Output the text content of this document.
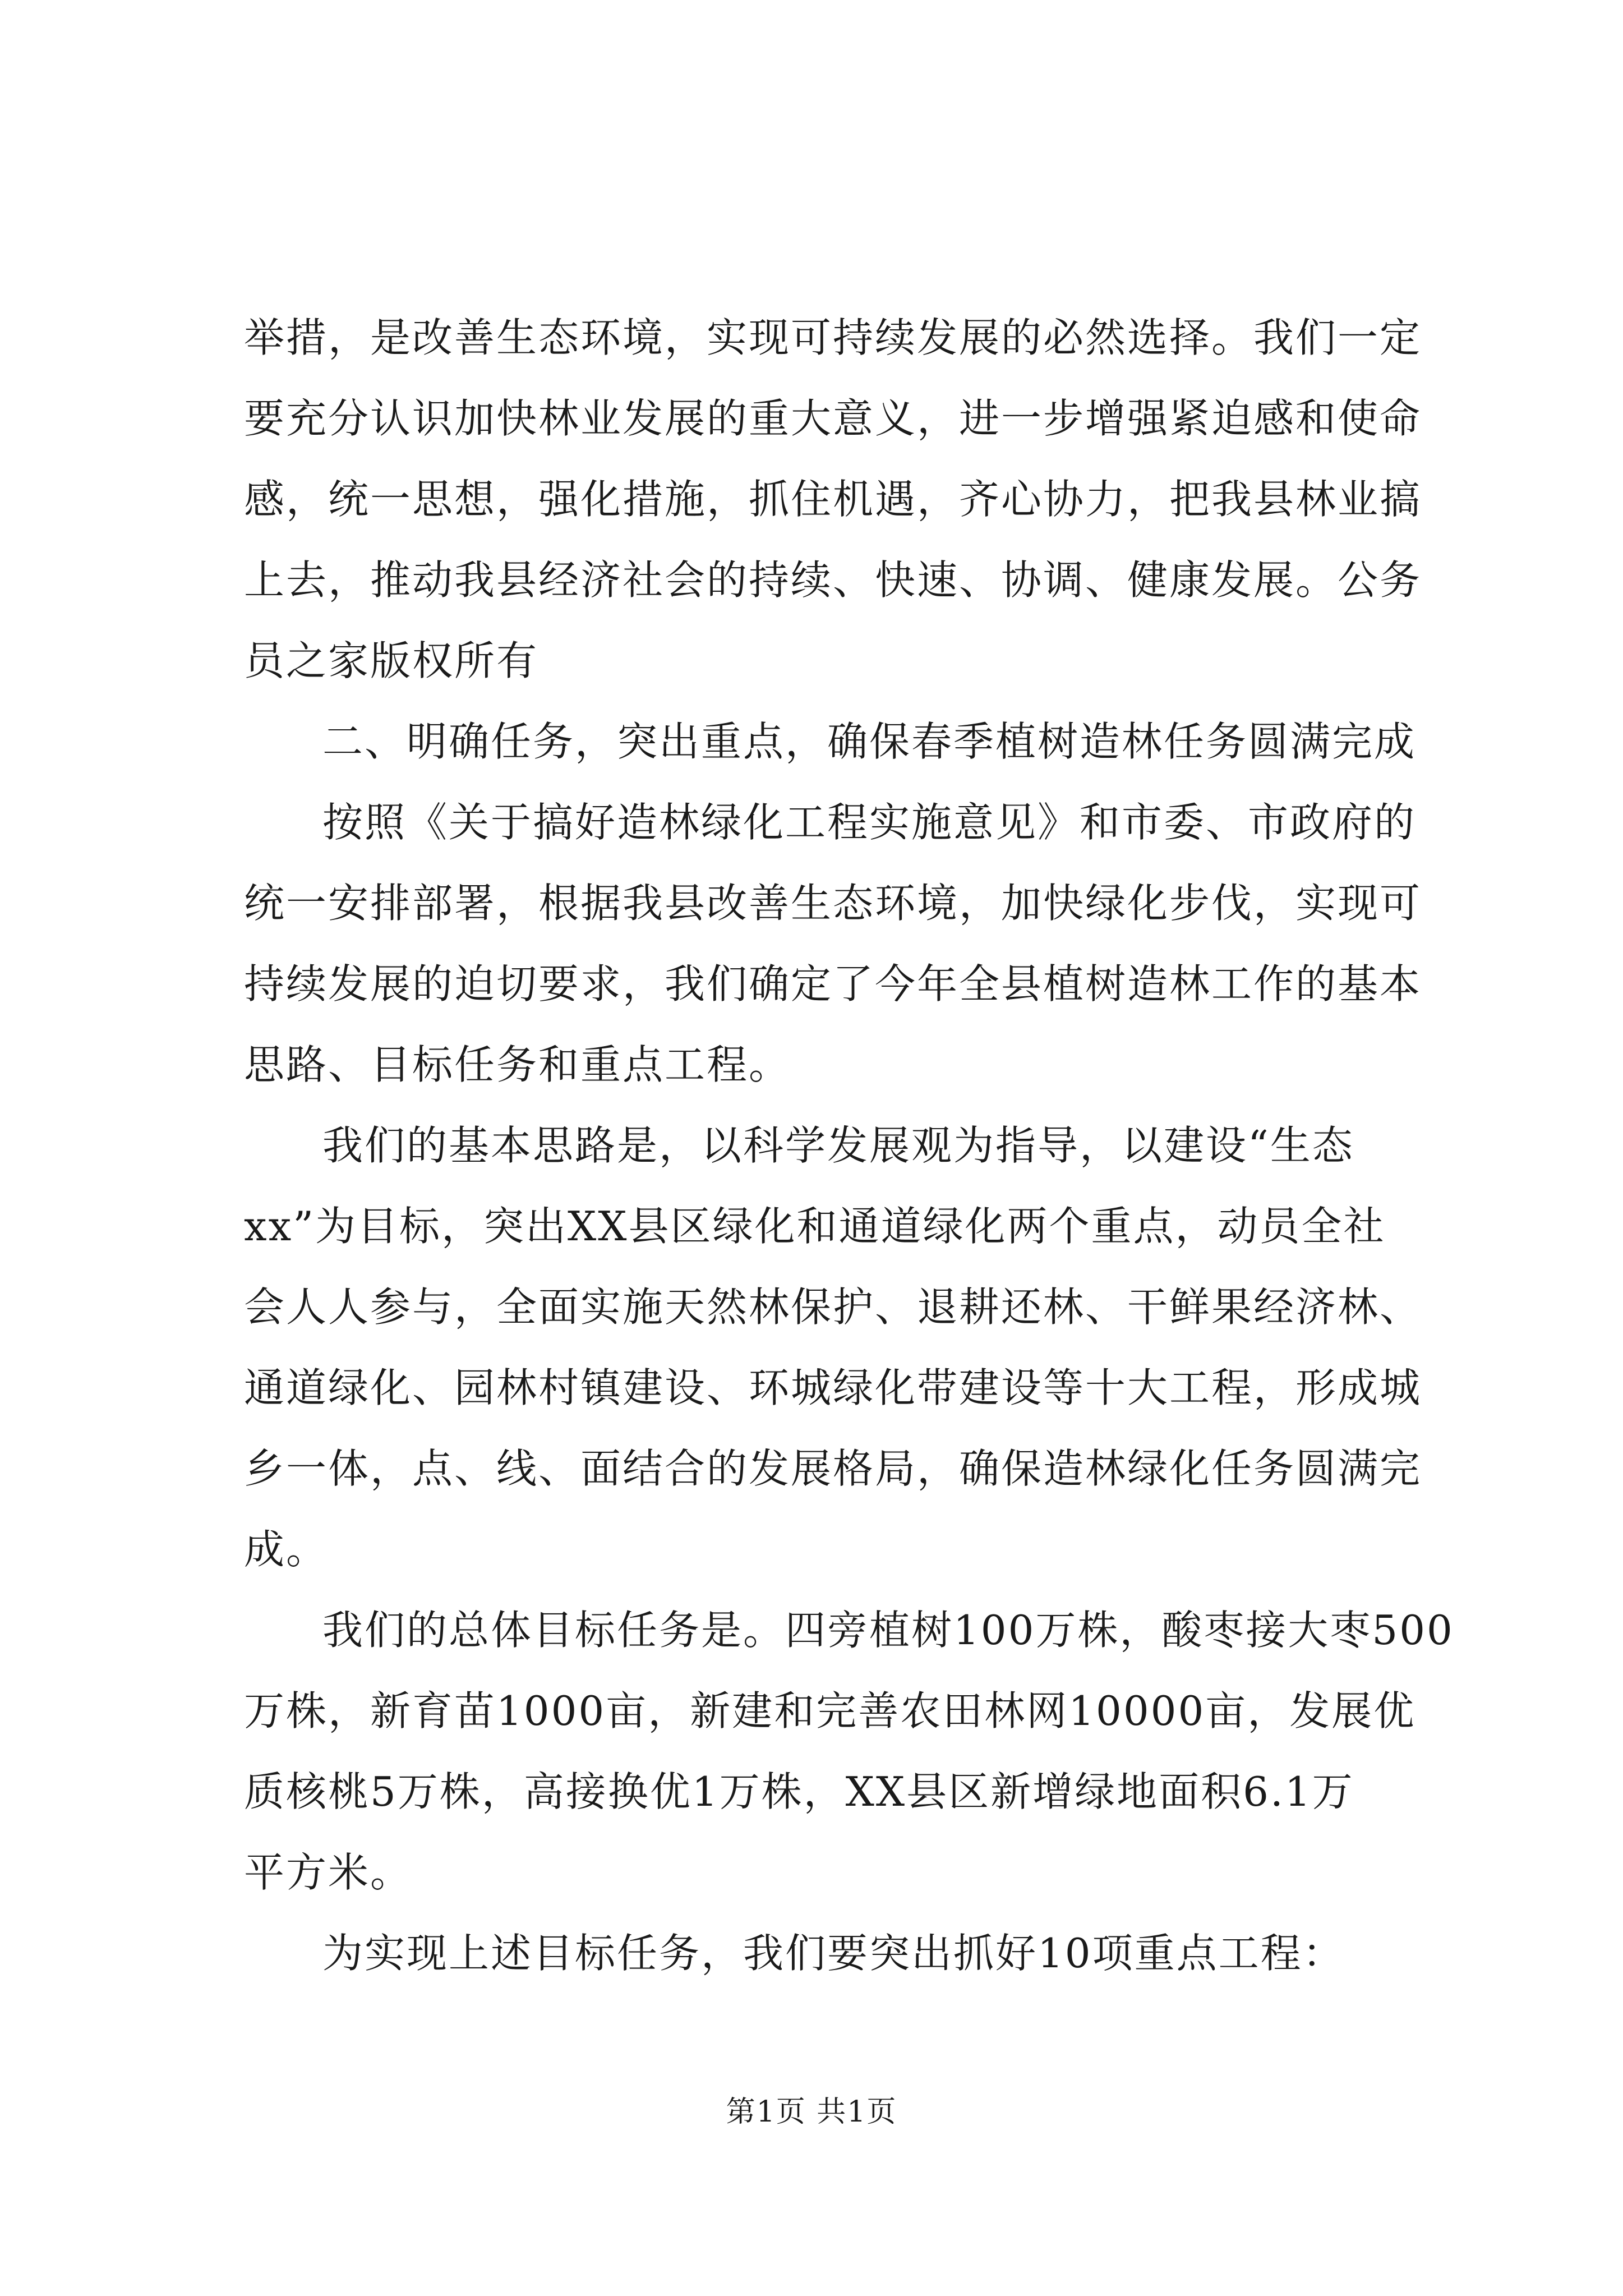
举措，是改善生态环境，实现可持续发展的必然选择。我们一定
要充分认识加快林业发展的重大意义，进一步增强紧迫感和使命
感，统一思想，强化措施，抓住机遇，齐心协力，把我县林业搞
上去，推动我县经济社会的持续、快速、协调、健康发展。公务
员之家版权所有
二、明确任务，突出重点，确保春季植树造林任务圆满完成
按照《关于搞好造林绿化工程实施意见》和市委、市政府的
统一安排部署，根据我县改善生态环境，加快绿化步伐，实现可
持续发展的迫切要求，我们确定了今年全县植树造林工作的基本
思路、目标任务和重点工程。
我们的基本思路是，以科学发展观为指导，以建设“生态
xx”为目标，突出XX县区绿化和通道绿化两个重点，动员全社
会人人参与，全面实施天然林保护、退耕还林、干鲜果经济林、
通道绿化、园林村镇建设、环城绿化带建设等十大工程，形成城
乡一体，点、线、面结合的发展格局，确保造林绿化任务圆满完
成。
我们的总体目标任务是。四旁植树100万株，酸枣接大枣500
万株，新育苗1000亩，新建和完善农田林网10000亩，发展优
质核桃5万株，高接换优1万株，XX县区新增绿地面积6.1万
平方米。
为实现上述目标任务，我们要突出抓好10项重点工程：
第1页 共1页
